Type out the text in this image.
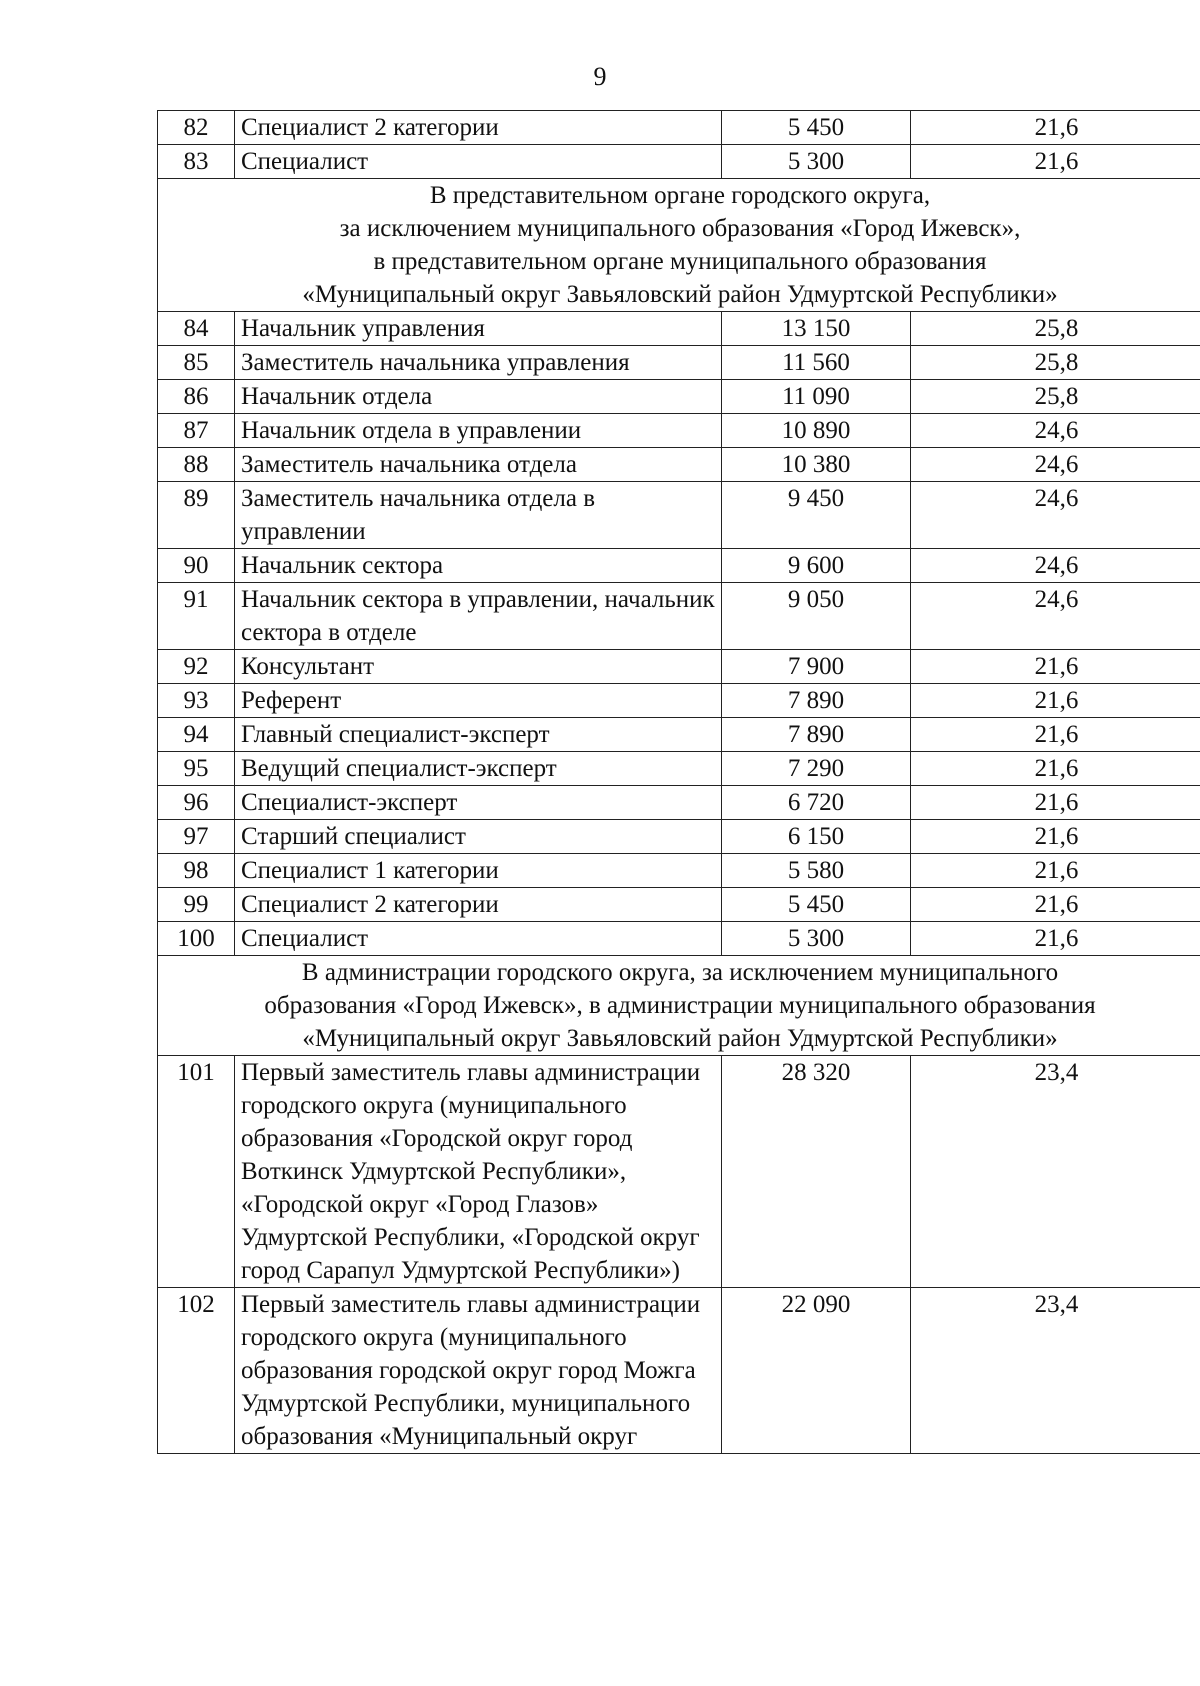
9
82	Специалист 2 категории	5 450	21,6
83	Специалист	5 300	21,6

В представительном органе городского округа,
за исключением муниципального образования «Город Ижевск»,
в представительном органе муниципального образования
«Муниципальный округ Завьяловский район Удмуртской Республики»			

84	Начальник управления	13 150	25,8
85	Заместитель начальника управления	11 560	25,8
86	Начальник отдела	11 090	25,8
87	Начальник отдела в управлении	10 890	24,6
88	Заместитель начальника отдела	10 380	24,6
89	Заместитель начальника отдела в управлении	9 450	24,6
90	Начальник сектора	9 600	24,6
91	Начальник сектора в управлении, начальник сектора в отделе	9 050	24,6
92	Консультант	7 900	21,6
93	Референт	7 890	21,6
94	Главный специалист-эксперт	7 890	21,6
95	Ведущий специалист-эксперт	7 290	21,6
96	Специалист-эксперт	6 720	21,6
97	Старший специалист	6 150	21,6
98	Специалист 1 категории	5 580	21,6
99	Специалист 2 категории	5 450	21,6
100	Специалист	5 300	21,6

В администрации городского округа, за исключением муниципального
образования «Город Ижевск», в администрации муниципального образования
«Муниципальный округ Завьяловский район Удмуртской Республики»			

101	Первый заместитель главы администрации городского округа (муниципального образования «Городской округ город Воткинск Удмуртской Республики», «Городской округ «Город Глазов» Удмуртской Республики, «Городской округ город Сарапул Удмуртской Республики»)	28 320	23,4
102	Первый заместитель главы администрации городского округа (муниципального образования городской округ город Можга Удмуртской Республики, муниципального образования «Муниципальный округ	22 090	23,4
